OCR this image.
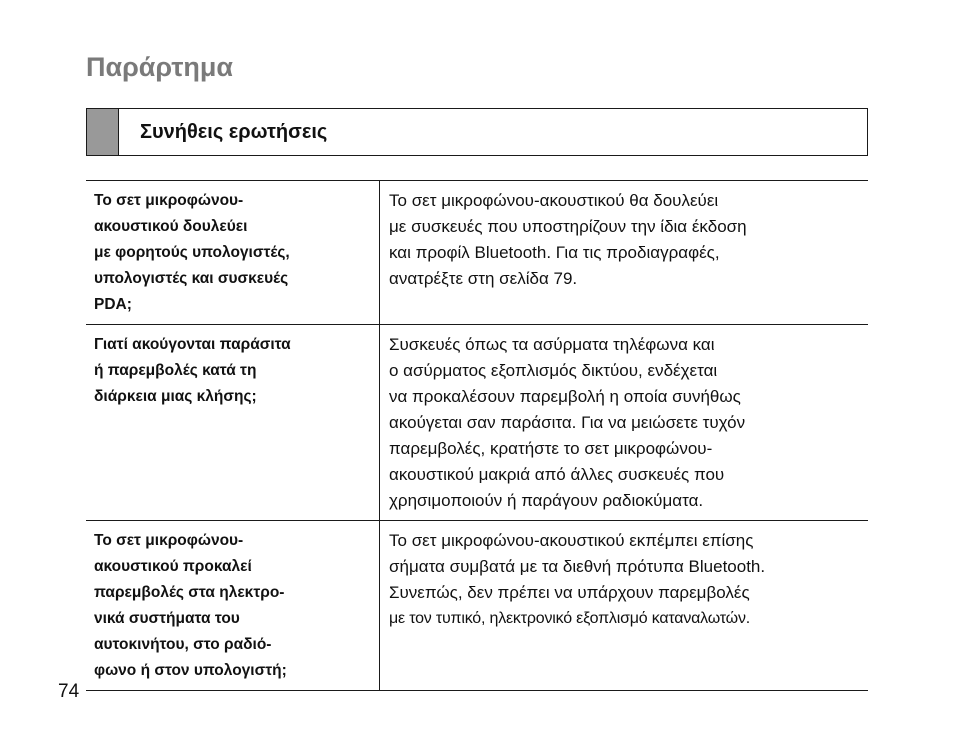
Παράρτημα
Συνήθεις ερωτήσεις
Το σετ μικροφώνου-
ακουστικού δουλεύει
με φορητούς υπολογιστές,
υπολογιστές και συσκευές
PDA;
Το σετ μικροφώνου-ακουστικού θα δουλεύει
με συσκευές που υποστηρίζουν την ίδια έκδοση
και προφίλ Bluetooth. Για τις προδιαγραφές,
ανατρέξτε στη σελίδα 79.
Γιατί ακούγονται παράσιτα
ή παρεμβολές κατά τη
διάρκεια μιας κλήσης;
Συσκευές όπως τα ασύρματα τηλέφωνα και
ο ασύρματος εξοπλισμός δικτύου, ενδέχεται
να προκαλέσουν παρεμβολή η οποία συνήθως
ακούγεται σαν παράσιτα. Για να μειώσετε τυχόν
παρεμβολές, κρατήστε το σετ μικροφώνου-
ακουστικού μακριά από άλλες συσκευές που
χρησιμοποιούν ή παράγουν ραδιοκύματα.
Το σετ μικροφώνου-
ακουστικού προκαλεί
παρεμβολές στα ηλεκτρο-
νικά συστήματα του
αυτοκινήτου, στο ραδιό-
φωνο ή στον υπολογιστή;
Το σετ μικροφώνου-ακουστικού εκπέμπει επίσης
σήματα συμβατά με τα διεθνή πρότυπα Bluetooth.
Συνεπώς, δεν πρέπει να υπάρχουν παρεμβολές
με τον τυπικό, ηλεκτρονικό εξοπλισμό καταναλωτών.
74
